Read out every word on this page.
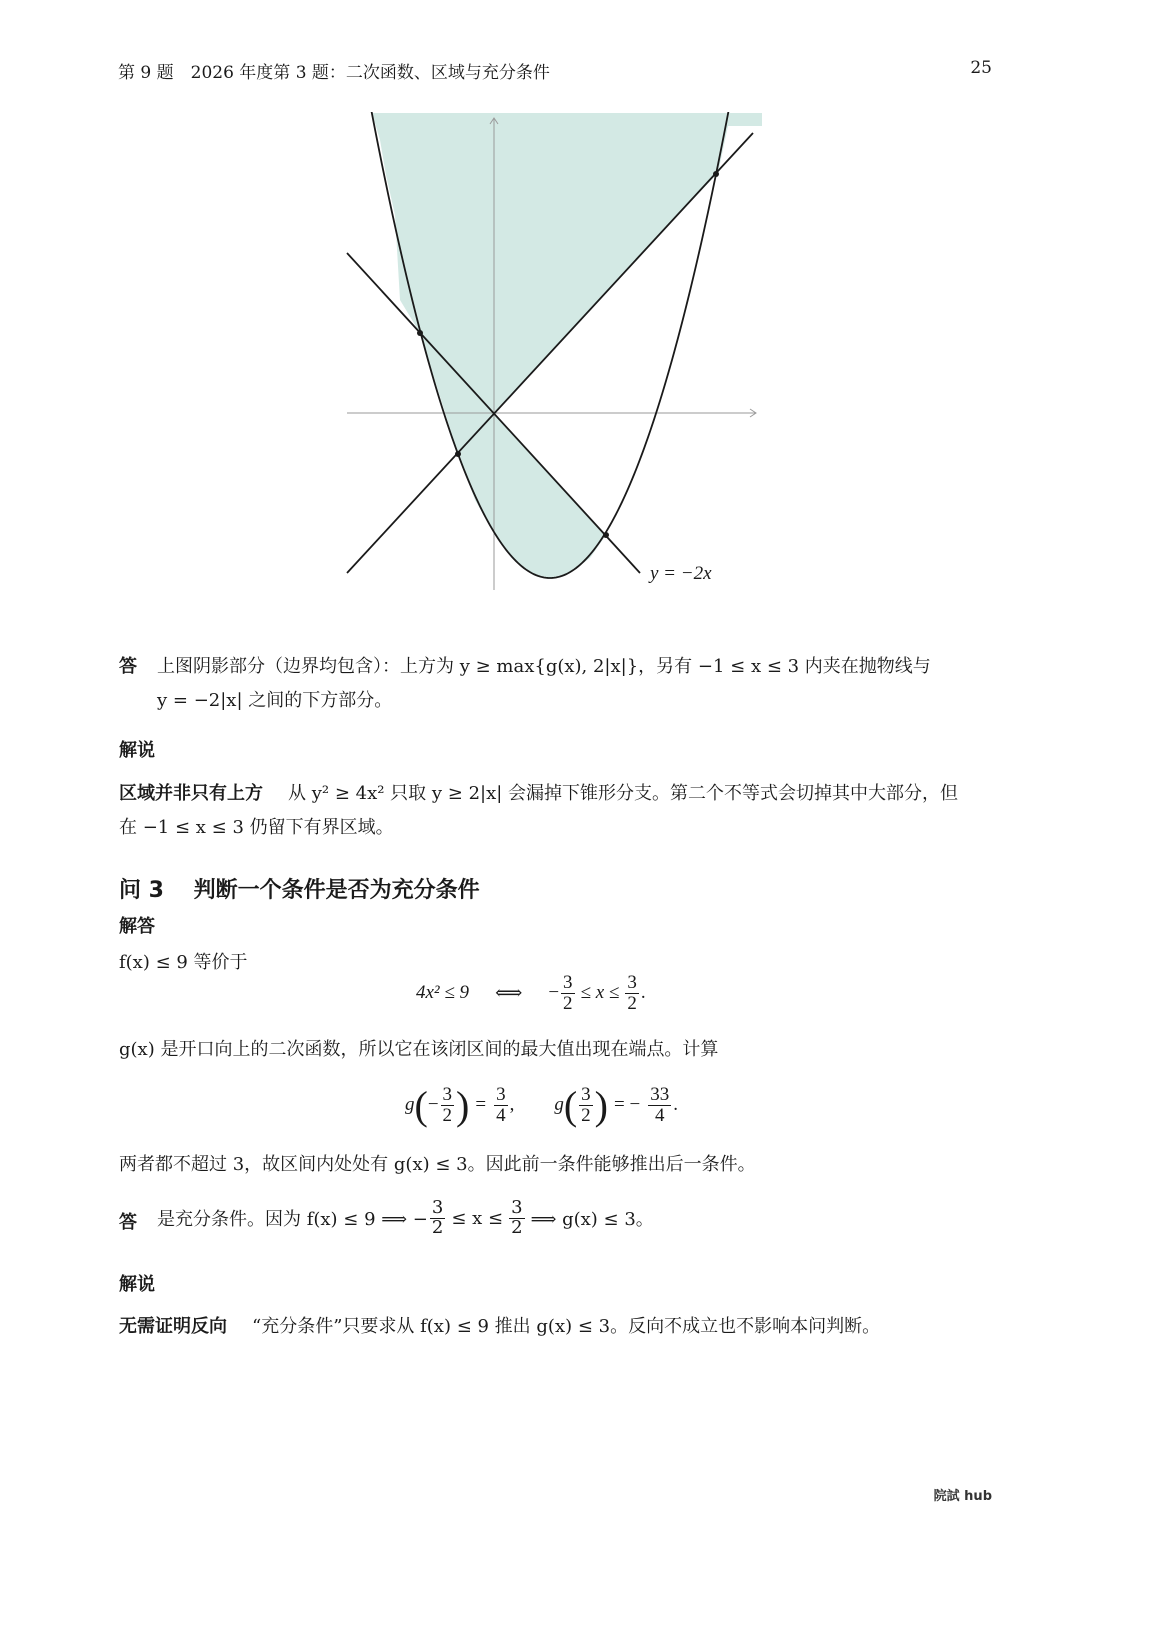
第 9 题　2026 年度第 3 题：二次函数、区域与充分条件	25
y = −2x
答 上图阴影部分（边界均包含）：上方为 y ≥ max{g(x), 2|x|}，另有 −1 ≤ x ≤ 3 内夹在抛物线与
y = −2|x| 之间的下方部分。
解说
区域并非只有上方 从 y² ≥ 4x² 只取 y ≥ 2|x| 会漏掉下锥形分支。第二个不等式会切掉其中大部分，但
在 −1 ≤ x ≤ 3 仍留下有界区域。
问 3　 判断一个条件是否为充分条件
解答
f(x) ≤ 9 等价于
4x² ≤ 9 ⟺ − $\frac{3}{2} \le x \le \frac{3}{2}$ .
g(x) 是开口向上的二次函数，所以它在该闭区间的最大值出现在端点。计算
g ( − $\frac{3}{2}$ ) = $\frac{3}{4}$ , g ( $\frac{3}{2}$ ) = − $\frac{33}{4}$ .
两者都不超过 3，故区间内处处有 g(x) ≤ 3。因此前一条件能够推出后一条件。
答 是充分条件。因为 f(x) ≤ 9 ⟹ − $\frac{3}{2} \le x \le \frac{3}{2}$ ⟹ g(x) ≤ 3。
解说
无需证明反向 “充分条件”只要求从 f(x) ≤ 9 推出 g(x) ≤ 3。反向不成立也不影响本问判断。
院試 hub
